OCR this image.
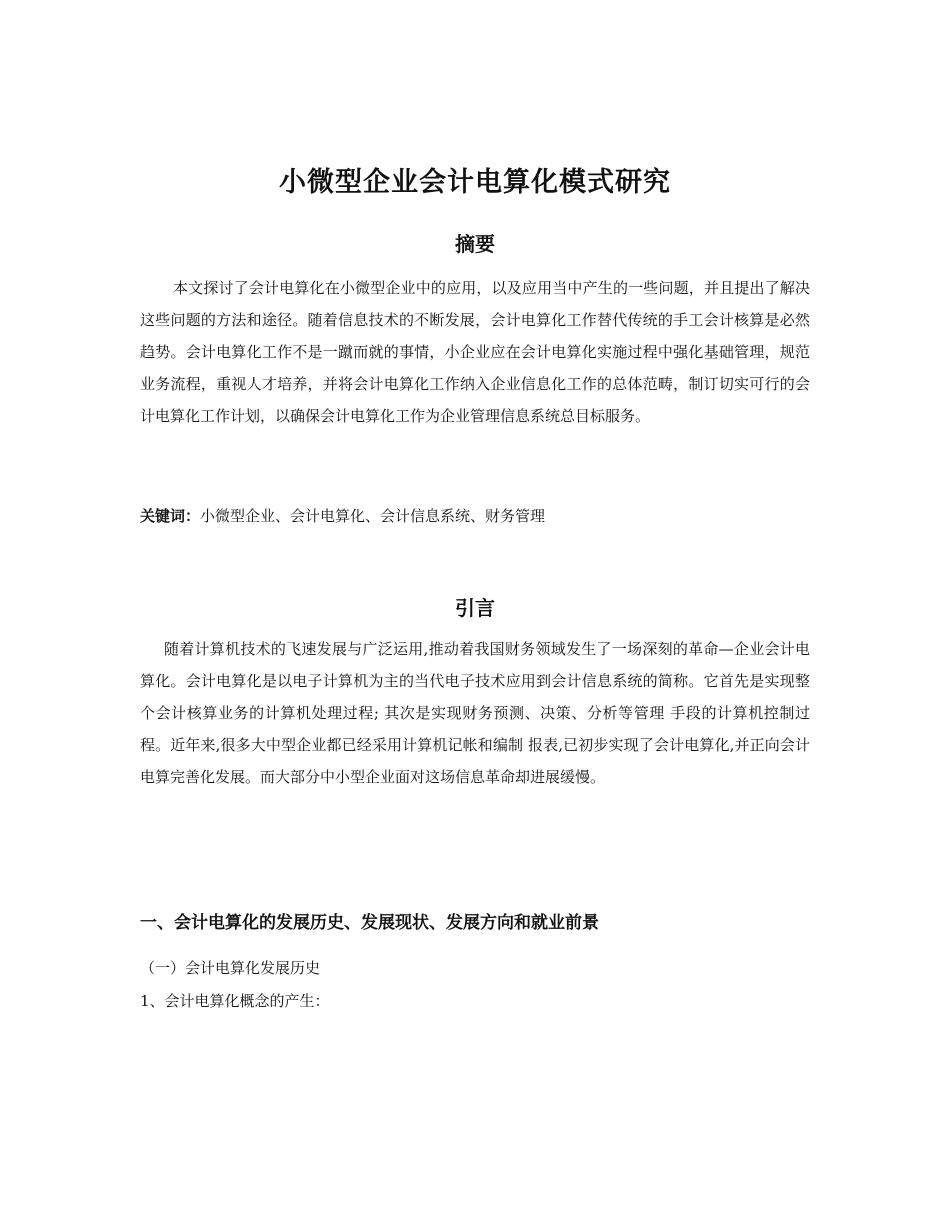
小微型企业会计电算化模式研究
摘要
本文探讨了会计电算化在小微型企业中的应用，以及应用当中产生的一些问题，并且提出了解决这些问题的方法和途径。随着信息技术的不断发展，会计电算化工作替代传统的手工会计核算是必然趋势。会计电算化工作不是一蹴而就的事情，小企业应在会计电算化实施过程中强化基础管理，规范业务流程，重视人才培养，并将会计电算化工作纳入企业信息化工作的总体范畴，制订切实可行的会计电算化工作计划，以确保会计电算化工作为企业管理信息系统总目标服务。
关键词：小微型企业、会计电算化、会计信息系统、财务管理
引言
随着计算机技术的飞速发展与广泛运用,推动着我国财务领域发生了一场深刻的革命—企业会计电算化。会计电算化是以电子计算机为主的当代电子技术应用到会计信息系统的简称。它首先是实现整个会计核算业务的计算机处理过程; 其次是实现财务预测、决策、分析等管理 手段的计算机控制过程。近年来,很多大中型企业都已经采用计算机记帐和编制 报表,已初步实现了会计电算化,并正向会计电算完善化发展。而大部分中小型企业面对这场信息革命却进展缓慢。
一、会计电算化的发展历史、发展现状、发展方向和就业前景
（一）会计电算化发展历史
1、会计电算化概念的产生：
